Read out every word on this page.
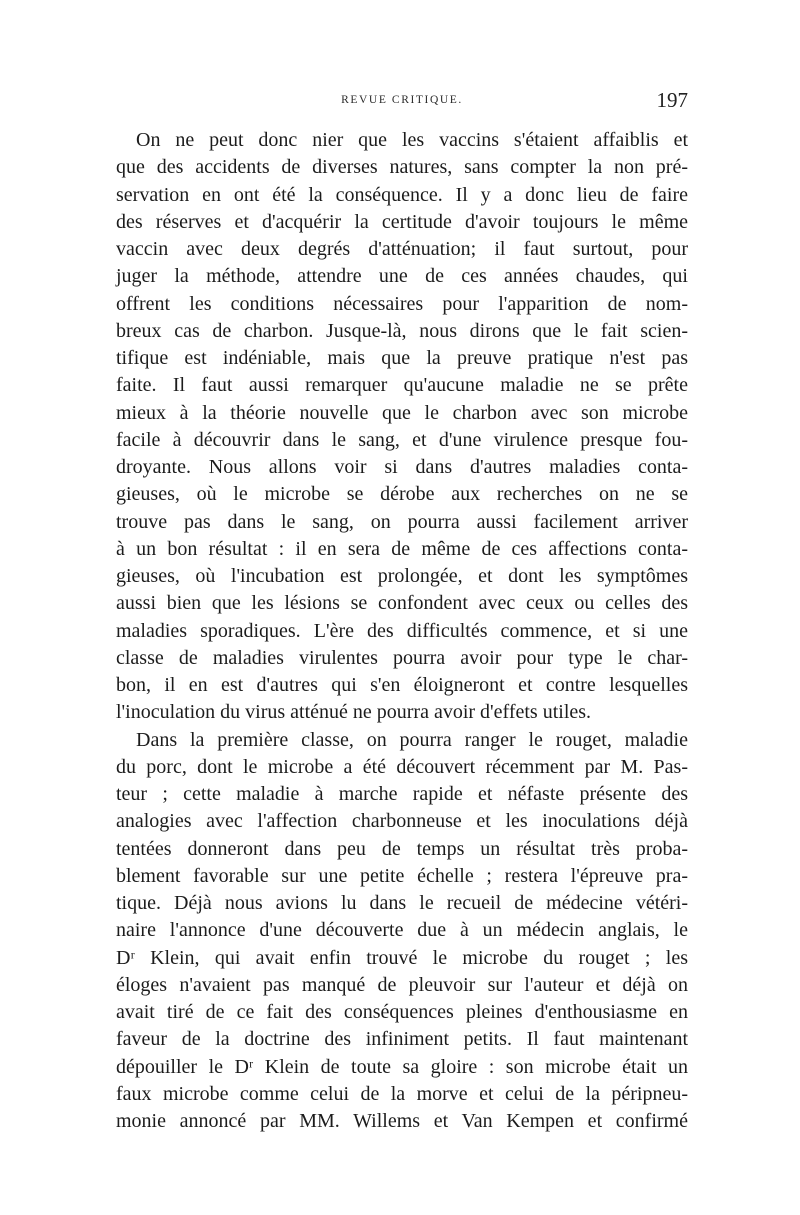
REVUE CRITIQUE.	197
On ne peut donc nier que les vaccins s'étaient affaiblis et
que des accidents de diverses natures, sans compter la non pré-
servation en ont été la conséquence. Il y a donc lieu de faire
des réserves et d'acquérir la certitude d'avoir toujours le même
vaccin avec deux degrés d'atténuation; il faut surtout, pour
juger la méthode, attendre une de ces années chaudes, qui
offrent les conditions nécessaires pour l'apparition de nom-
breux cas de charbon. Jusque-là, nous dirons que le fait scien-
tifique est indéniable, mais que la preuve pratique n'est pas
faite. Il faut aussi remarquer qu'aucune maladie ne se prête
mieux à la théorie nouvelle que le charbon avec son microbe
facile à découvrir dans le sang, et d'une virulence presque fou-
droyante. Nous allons voir si dans d'autres maladies conta-
gieuses, où le microbe se dérobe aux recherches on ne se
trouve pas dans le sang, on pourra aussi facilement arriver
à un bon résultat : il en sera de même de ces affections conta-
gieuses, où l'incubation est prolongée, et dont les symptômes
aussi bien que les lésions se confondent avec ceux ou celles des
maladies sporadiques. L'ère des difficultés commence, et si une
classe de maladies virulentes pourra avoir pour type le char-
bon, il en est d'autres qui s'en éloigneront et contre lesquelles
l'inoculation du virus atténué ne pourra avoir d'effets utiles.
Dans la première classe, on pourra ranger le rouget, maladie
du porc, dont le microbe a été découvert récemment par M. Pas-
teur ; cette maladie à marche rapide et néfaste présente des
analogies avec l'affection charbonneuse et les inoculations déjà
tentées donneront dans peu de temps un résultat très proba-
blement favorable sur une petite échelle ; restera l'épreuve pra-
tique. Déjà nous avions lu dans le recueil de médecine vétéri-
naire l'annonce d'une découverte due à un médecin anglais, le
Dʳ Klein, qui avait enfin trouvé le microbe du rouget ; les
éloges n'avaient pas manqué de pleuvoir sur l'auteur et déjà on
avait tiré de ce fait des conséquences pleines d'enthousiasme en
faveur de la doctrine des infiniment petits. Il faut maintenant
dépouiller le Dʳ Klein de toute sa gloire : son microbe était un
faux microbe comme celui de la morve et celui de la péripneu-
monie annoncé par MM. Willems et Van Kempen et confirmé
